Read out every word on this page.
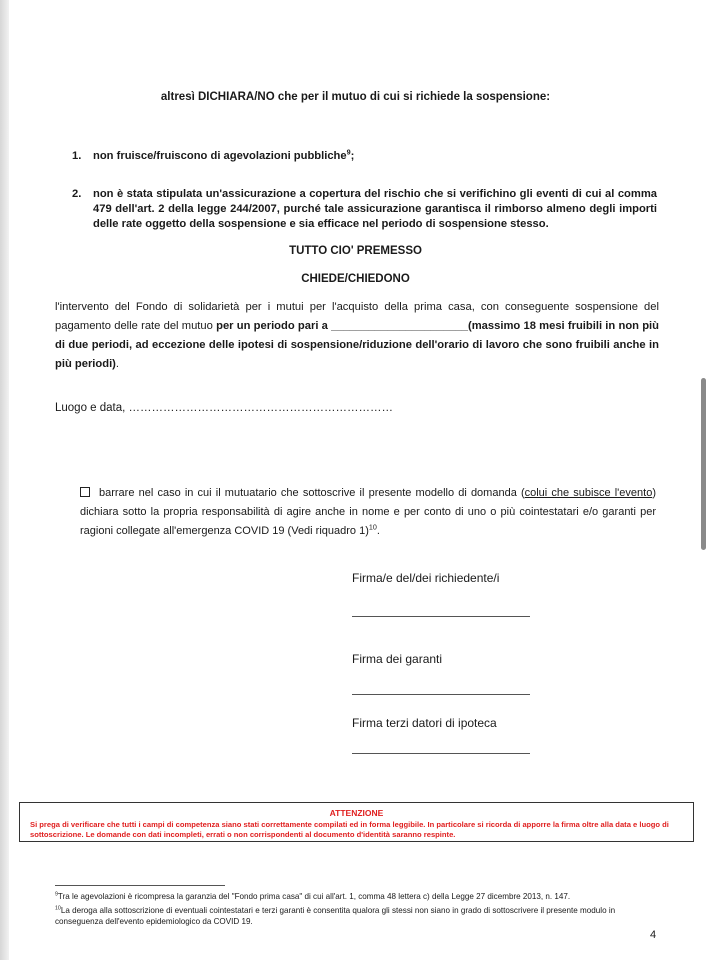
altresì DICHIARA/NO che per il mutuo di cui si richiede la sospensione:
1. non fruisce/fruiscono di agevolazioni pubbliche$^9$;
2. non è stata stipulata un'assicurazione a copertura del rischio che si verifichino gli eventi di cui al comma 479 dell'art. 2 della legge 244/2007, purché tale assicurazione garantisca il rimborso almeno degli importi delle rate oggetto della sospensione e sia efficace nel periodo di sospensione stesso.
TUTTO CIO' PREMESSO
CHIEDE/CHIEDONO
l'intervento del Fondo di solidarietà per i mutui per l'acquisto della prima casa, con conseguente sospensione del pagamento delle rate del mutuo per un periodo pari a ______________________(massimo 18 mesi fruibili in non più di due periodi, ad eccezione delle ipotesi di sospensione/riduzione dell'orario di lavoro che sono fruibili anche in più periodi).
Luogo e data, ……………………………………………………………
barrare nel caso in cui il mutuatario che sottoscrive il presente modello di domanda (colui che subisce l'evento) dichiara sotto la propria responsabilità di agire anche in nome e per conto di uno o più cointestatari e/o garanti per ragioni collegate all'emergenza COVID 19 (Vedi riquadro 1)$^{10}$.
Firma/e del/dei richiedente/i
Firma dei garanti
Firma terzi datori di ipoteca
ATTENZIONE
Si prega di verificare che tutti i campi di competenza siano stati correttamente compilati ed in forma leggibile. In particolare si ricorda di apporre la firma oltre alla data e luogo di sottoscrizione. Le domande con dati incompleti, errati o non corrispondenti al documento d'identità saranno respinte.
$^9$Tra le agevolazioni è ricompresa la garanzia del "Fondo prima casa" di cui all'art. 1, comma 48 lettera c) della Legge 27 dicembre 2013, n. 147.
$^{10}$La deroga alla sottoscrizione di eventuali cointestatari e terzi garanti è consentita qualora gli stessi non siano in grado di sottoscrivere il presente modulo in conseguenza dell'evento epidemiologico da COVID 19.
4
